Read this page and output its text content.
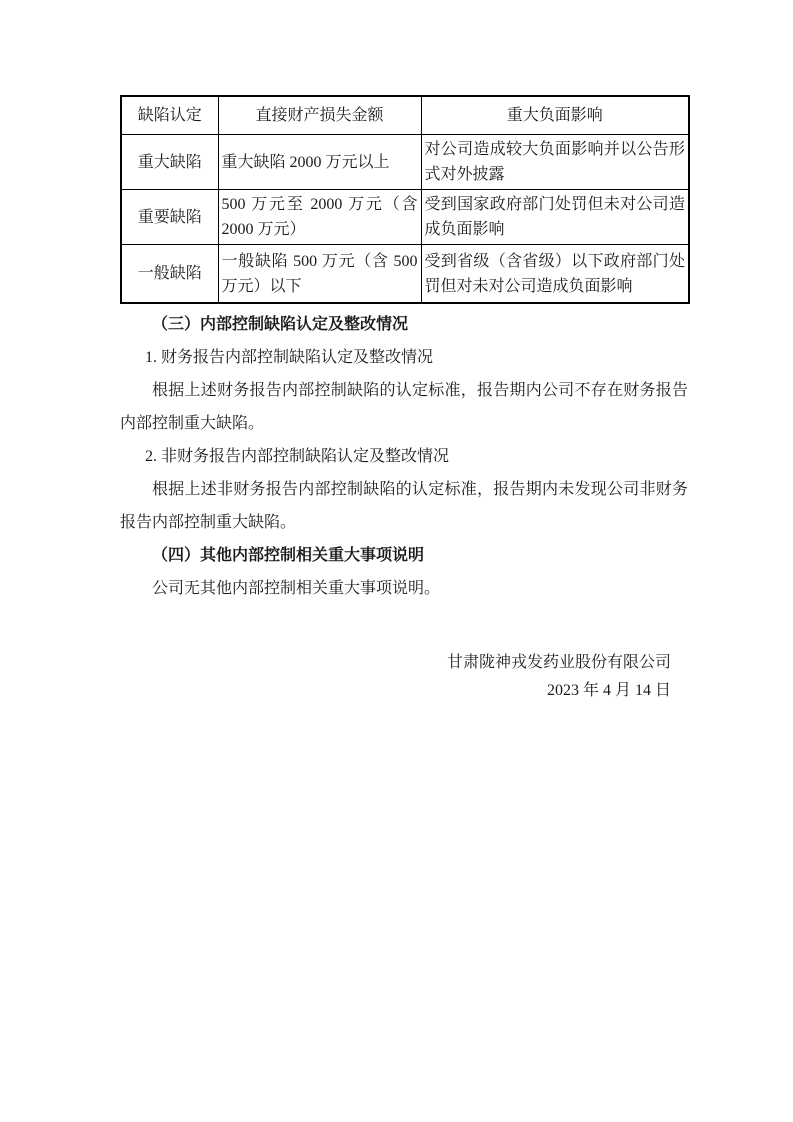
缺陷认定	直接财产损失金额	重大负面影响
重大缺陷	重大缺陷 2000 万元以上	对公司造成较大负面影响并以公告形式对外披露
重要缺陷	500 万元至 2000 万元（含 2000 万元）	受到国家政府部门处罚但未对公司造成负面影响
一般缺陷	一般缺陷 500 万元（含 500 万元）以下	受到省级（含省级）以下政府部门处罚但对未对公司造成负面影响

（三）内部控制缺陷认定及整改情况

1. 财务报告内部控制缺陷认定及整改情况

根据上述财务报告内部控制缺陷的认定标准，报告期内公司不存在财务报告内部控制重大缺陷。

2. 非财务报告内部控制缺陷认定及整改情况

根据上述非财务报告内部控制缺陷的认定标准，报告期内未发现公司非财务报告内部控制重大缺陷。

（四）其他内部控制相关重大事项说明

公司无其他内部控制相关重大事项说明。

甘肃陇神戎发药业股份有限公司
2023 年 4 月 14 日
